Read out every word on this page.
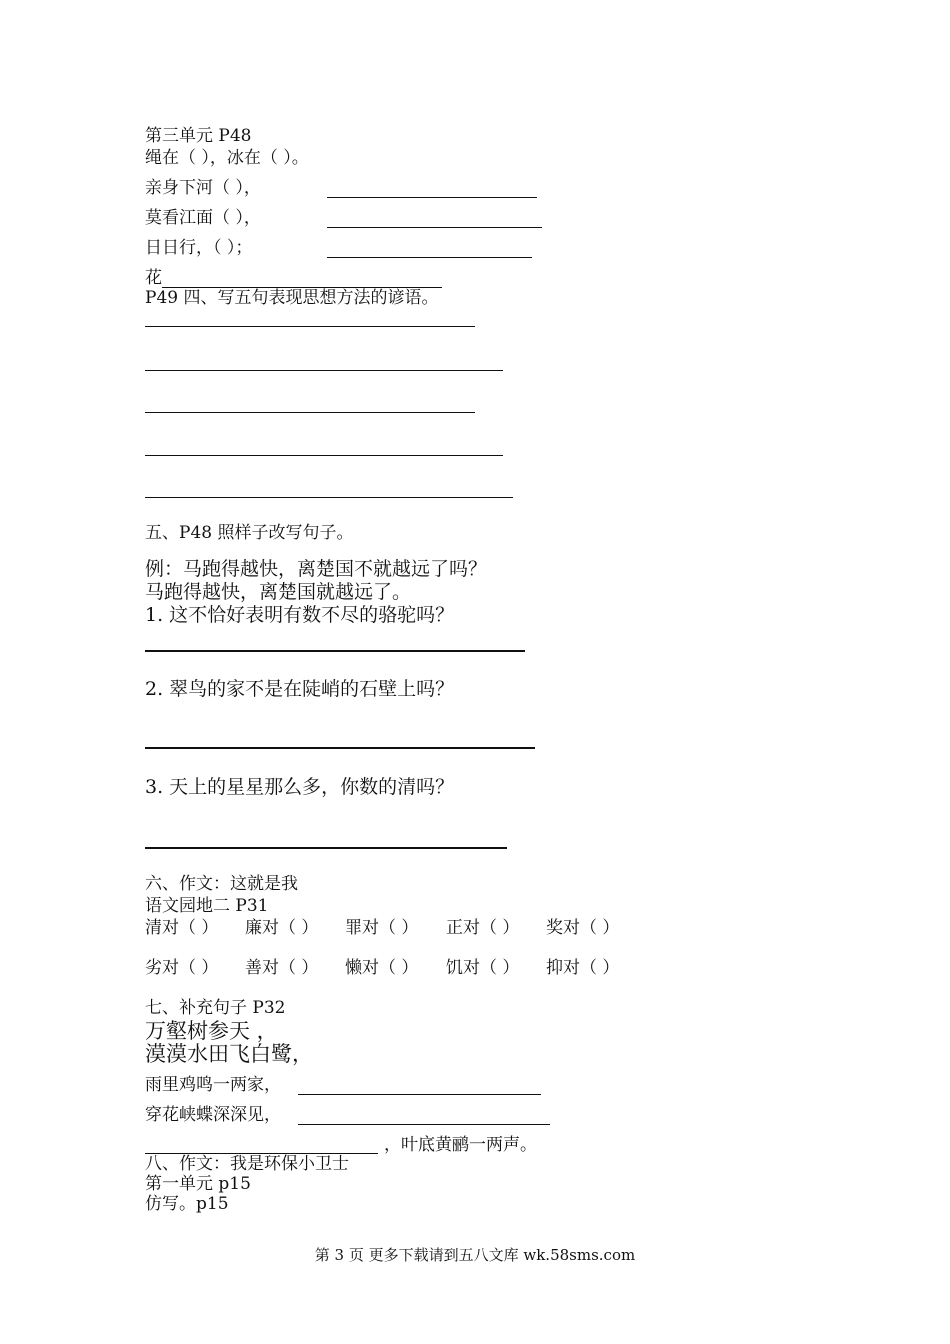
第三单元 P48
绳在（ ），冰在（ ）。
亲身下河（ ），
莫看江面（ ），
日日行，（ ）；
花
P49 四、写五句表现思想方法的谚语。
五、P48 照样子改写句子。
例：马跑得越快，离楚国不就越远了吗？
马跑得越快，离楚国就越远了。
1. 这不恰好表明有数不尽的骆驼吗？
2. 翠鸟的家不是在陡峭的石壁上吗？
3. 天上的星星那么多，你数的清吗？
六、作文：这就是我
语文园地二 P31
清对（ ） 廉对（ ） 罪对（ ） 正对（ ） 奖对（ ）
劣对（ ） 善对（ ） 懒对（ ） 饥对（ ） 抑对（ ）
七、补充句子 P32
万壑树参天 ，
漠漠水田飞白鹭，
雨里鸡鸣一两家，
穿花峡蝶深深见，
，叶底黄鹂一两声。
八、作文：我是环保小卫士
第一单元 p15
仿写。p15
第 3 页 更多下载请到五八文库 wk.58sms.com
